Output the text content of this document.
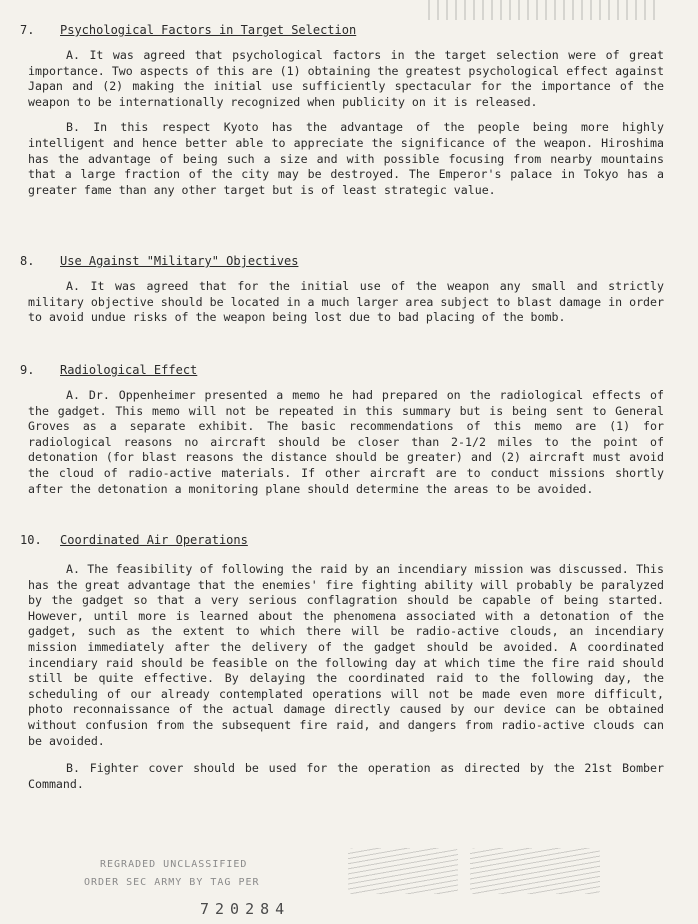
7. Psychological Factors in Target Selection

A. It was agreed that psychological factors in the target selection were of great importance. Two aspects of this are (1) obtaining the greatest psychological effect against Japan and (2) making the initial use sufficiently spectacular for the importance of the weapon to be internationally recognized when publicity on it is released.

B. In this respect Kyoto has the advantage of the people being more highly intelligent and hence better able to appreciate the significance of the weapon. Hiroshima has the advantage of being such a size and with possible focusing from nearby mountains that a large fraction of the city may be destroyed. The Emperor's palace in Tokyo has a greater fame than any other target but is of least strategic value.

8. Use Against "Military" Objectives

A. It was agreed that for the initial use of the weapon any small and strictly military objective should be located in a much larger area subject to blast damage in order to avoid undue risks of the weapon being lost due to bad placing of the bomb.

9. Radiological Effect

A. Dr. Oppenheimer presented a memo he had prepared on the radiological effects of the gadget. This memo will not be repeated in this summary but is being sent to General Groves as a separate exhibit. The basic recommendations of this memo are (1) for radiological reasons no aircraft should be closer than 2-1/2 miles to the point of detonation (for blast reasons the distance should be greater) and (2) aircraft must avoid the cloud of radio-active materials. If other aircraft are to conduct missions shortly after the detonation a monitoring plane should determine the areas to be avoided.

10. Coordinated Air Operations

A. The feasibility of following the raid by an incendiary mission was discussed. This has the great advantage that the enemies' fire fighting ability will probably be paralyzed by the gadget so that a very serious conflagration should be capable of being started. However, until more is learned about the phenomena associated with a detonation of the gadget, such as the extent to which there will be radio-active clouds, an incendiary mission immediately after the delivery of the gadget should be avoided. A coordinated incendiary raid should be feasible on the following day at which time the fire raid should still be quite effective. By delaying the coordinated raid to the following day, the scheduling of our already contemplated operations will not be made even more difficult, photo reconnaissance of the actual damage directly caused by our device can be obtained without confusion from the subsequent fire raid, and dangers from radio-active clouds can be avoided.

B. Fighter cover should be used for the operation as directed by the 21st Bomber Command.

REGRADED UNCLASSIFIED
ORDER SEC ARMY BY TAG PER
720284
